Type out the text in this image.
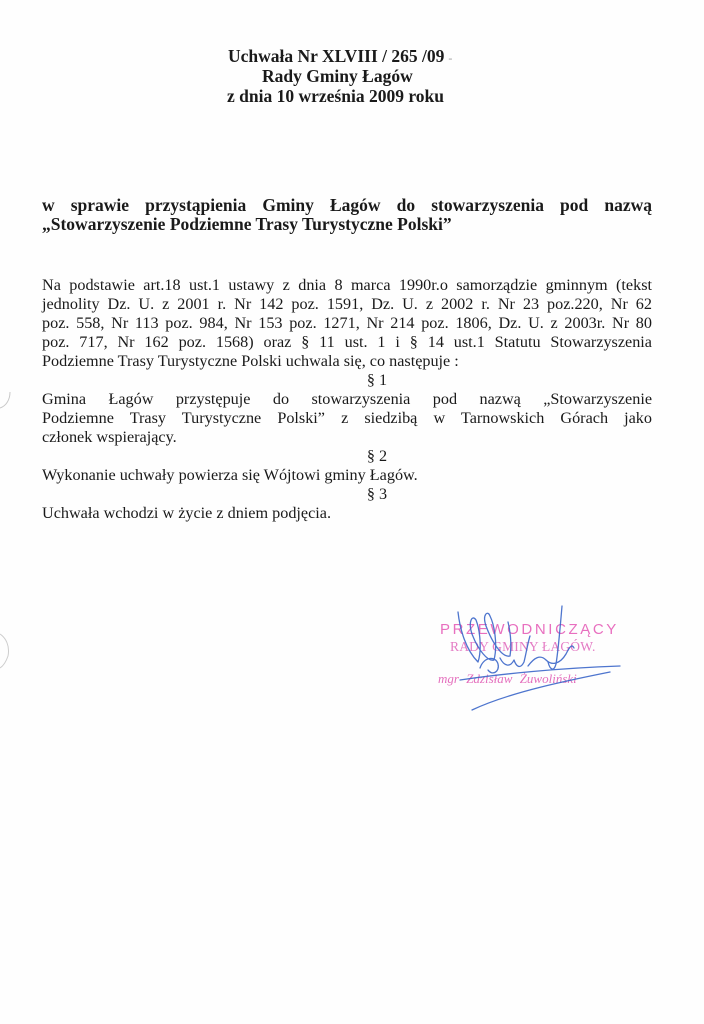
Uchwała Nr XLVIII / 265 /09 -
Rady Gminy Łagów
z dnia 10 września 2009 roku
w sprawie przystąpienia Gminy Łagów do stowarzyszenia pod nazwą
„Stowarzyszenie Podziemne Trasy Turystyczne Polski”
Na podstawie art.18 ust.1 ustawy z dnia 8 marca 1990r.o samorządzie gminnym (tekst
jednolity Dz. U. z 2001 r. Nr 142 poz. 1591, Dz. U. z 2002 r. Nr 23 poz.220, Nr 62
poz. 558, Nr 113 poz. 984, Nr 153 poz. 1271, Nr 214 poz. 1806, Dz. U. z 2003r. Nr 80
poz. 717, Nr 162 poz. 1568) oraz § 11 ust. 1 i § 14 ust.1 Statutu Stowarzyszenia
Podziemne Trasy Turystyczne Polski uchwala się, co następuje :
§ 1
Gmina Łagów przystępuje do stowarzyszenia pod nazwą „Stowarzyszenie
Podziemne Trasy Turystyczne Polski” z siedzibą w Tarnowskich Górach jako
członek wspierający.
§ 2
Wykonanie uchwały powierza się Wójtowi gminy Łagów.
§ 3
Uchwała wchodzi w życie z dniem podjęcia.
PRZEWODNICZĄCY
RADY GMINY ŁAGÓW.
mgr Zdzisław Żuwoliński
